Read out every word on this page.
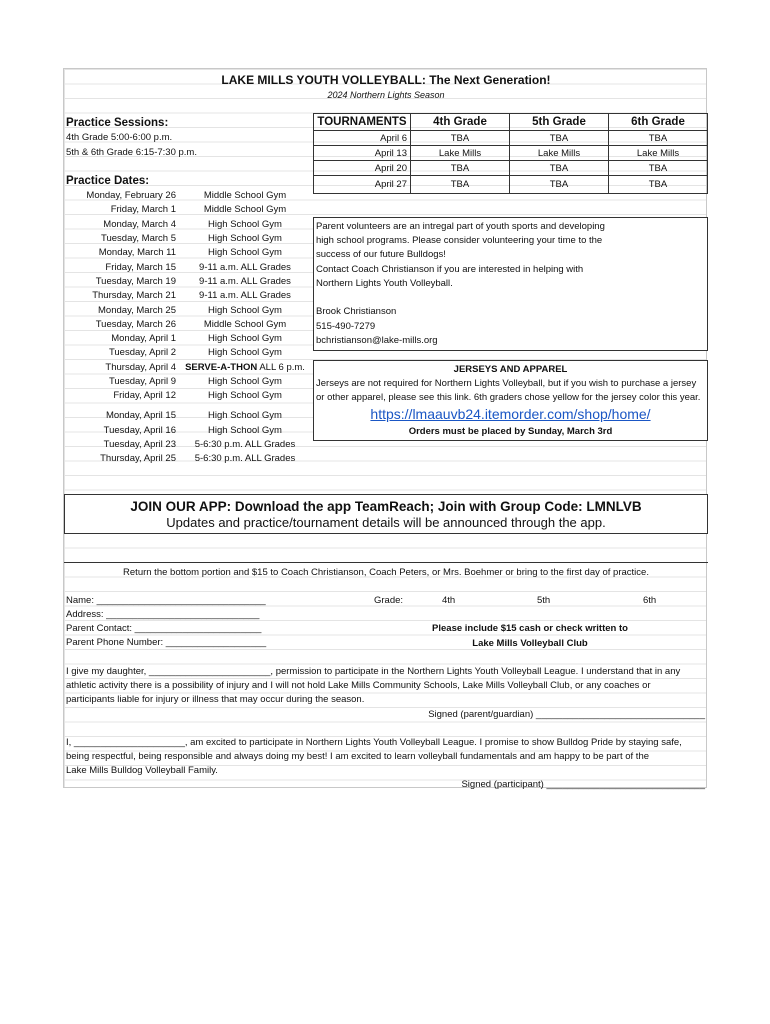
LAKE MILLS YOUTH VOLLEYBALL: The Next Generation!
2024 Northern Lights Season
Practice Sessions:
4th Grade 5:00-6:00 p.m.
5th & 6th Grade 6:15-7:30 p.m.
TOURNAMENTS	4th Grade	5th Grade	6th Grade
April 6	TBA	TBA	TBA
April 13	Lake Mills	Lake Mills	Lake Mills
April 20	TBA	TBA	TBA
April 27	TBA	TBA	TBA
Practice Dates:
Monday, February 26	Middle School Gym
Friday, March 1	Middle School Gym
Monday, March 4	High School Gym
Tuesday, March 5	High School Gym
Monday, March 11	High School Gym
Friday, March 15	9-11 a.m. ALL Grades
Tuesday, March 19	9-11 a.m. ALL Grades
Thursday, March 21	9-11 a.m. ALL Grades
Monday, March 25	High School Gym
Tuesday, March 26	Middle School Gym
Monday, April 1	High School Gym
Tuesday, April 2	High School Gym
Thursday, April 4 SERVE-A-THON ALL 6 p.m.
Tuesday, April 9	High School Gym
Friday, April 12	High School Gym
Monday, April 15	High School Gym
Tuesday, April 16	High School Gym
Tuesday, April 23	5-6:30 p.m. ALL Grades
Thursday, April 25	5-6:30 p.m. ALL Grades
Parent volunteers are an intregal part of youth sports and developing
high school programs. Please consider volunteering your time to the
success of our future Bulldogs!
Contact Coach Christianson if you are interested in helping with
Northern Lights Youth Volleyball.
Brook Christianson
515-490-7279
bchristianson@lake-mills.org
JERSEYS AND APPAREL
Jerseys are not required for Northern Lights Volleyball, but if you wish to purchase a jersey
or other apparel, please see this link. 6th graders chose yellow for the jersey color this year.
https://lmaauvb24.itemorder.com/shop/home/
Orders must be placed by Sunday, March 3rd
JOIN OUR APP: Download the app TeamReach; Join with Group Code: LMNLVB
Updates and practice/tournament details will be announced through the app.
Return the bottom portion and $15 to Coach Christianson, Coach Peters, or Mrs. Boehmer or bring to the first day of practice.
Name: ________________________________
Address: _____________________________
Parent Contact: ________________________
Parent Phone Number: ___________________
Grade:	4th	5th	6th
Please include $15 cash or check written to
Lake Mills Volleyball Club
I give my daughter, _______________________, permission to participate in the Northern Lights Youth Volleyball League. I understand that in any
athletic activity there is a possibility of injury and I will not hold Lake Mills Community Schools, Lake Mills Volleyball Club, or any coaches or
participants liable for injury or illness that may occur during the season.
Signed (parent/guardian) ________________________________
I, _____________________, am excited to participate in Northern Lights Youth Volleyball League. I promise to show Bulldog Pride by staying safe,
being respectful, being responsible and always doing my best! I am excited to learn volleyball fundamentals and am happy to be part of the
Lake Mills Bulldog Volleyball Family.
Signed (participant) ______________________________
